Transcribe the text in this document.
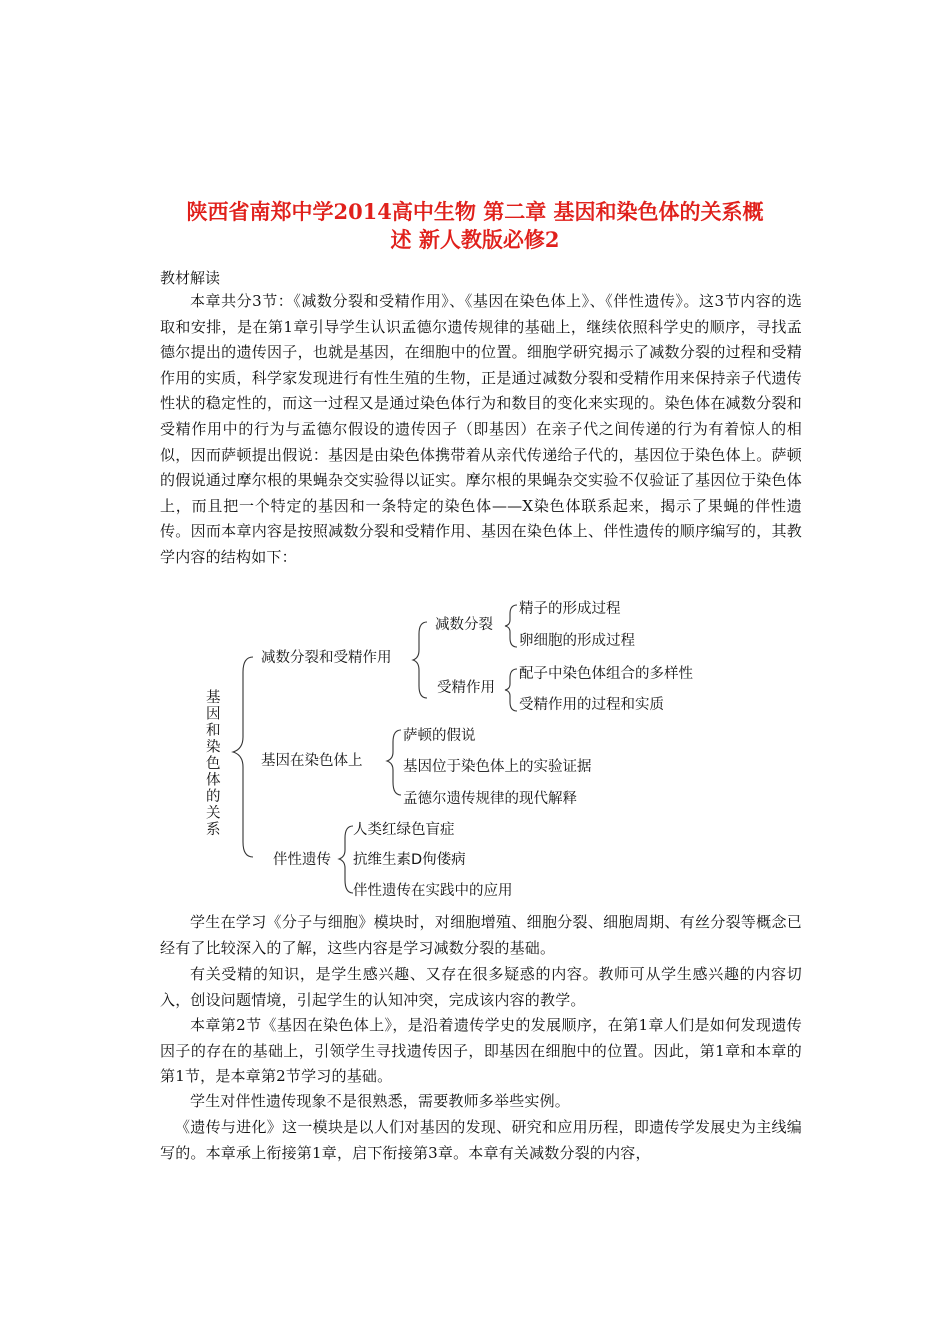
陕西省南郑中学2014高中生物 第二章 基因和染色体的关系概
述 新人教版必修2
教材解读
本章共分3节：《减数分裂和受精作用》、《基因在染色体上》、《伴性遗传》。这3节内容的选取和安排，是在第1章引导学生认识孟德尔遗传规律的基础上，继续依照科学史的顺序，寻找孟德尔提出的遗传因子，也就是基因，在细胞中的位置。细胞学研究揭示了减数分裂的过程和受精作用的实质，科学家发现进行有性生殖的生物，正是通过减数分裂和受精作用来保持亲子代遗传性状的稳定性的，而这一过程又是通过染色体行为和数目的变化来实现的。染色体在减数分裂和受精作用中的行为与孟德尔假设的遗传因子（即基因）在亲子代之间传递的行为有着惊人的相似，因而萨顿提出假说：基因是由染色体携带着从亲代传递给子代的，基因位于染色体上。萨顿的假说通过摩尔根的果蝇杂交实验得以证实。摩尔根的果蝇杂交实验不仅验证了基因位于染色体上，而且把一个特定的基因和一条特定的染色体——X染色体联系起来，揭示了果蝇的伴性遗传。因而本章内容是按照减数分裂和受精作用、基因在染色体上、伴性遗传的顺序编写的，其教学内容的结构如下：
基
因
和
染
色
体
的
关
系
减数分裂和受精作用
减数分裂
精子的形成过程
卵细胞的形成过程
受精作用
配子中染色体组合的多样性
受精作用的过程和实质
基因在染色体上
萨顿的假说
基因位于染色体上的实验证据
孟德尔遗传规律的现代解释
伴性遗传
人类红绿色盲症
抗维生素D佝偻病
伴性遗传在实践中的应用
学生在学习《分子与细胞》模块时，对细胞增殖、细胞分裂、细胞周期、有丝分裂等概念已经有了比较深入的了解，这些内容是学习减数分裂的基础。
有关受精的知识，是学生感兴趣、又存在很多疑惑的内容。教师可从学生感兴趣的内容切入，创设问题情境，引起学生的认知冲突，完成该内容的教学。
本章第2节《基因在染色体上》，是沿着遗传学史的发展顺序，在第1章人们是如何发现遗传因子的存在的基础上，引领学生寻找遗传因子，即基因在细胞中的位置。因此，第1章和本章的第1节，是本章第2节学习的基础。
学生对伴性遗传现象不是很熟悉，需要教师多举些实例。
《遗传与进化》这一模块是以人们对基因的发现、研究和应用历程，即遗传学发展史为主线编写的。本章承上衔接第1章，启下衔接第3章。本章有关减数分裂的内容，
